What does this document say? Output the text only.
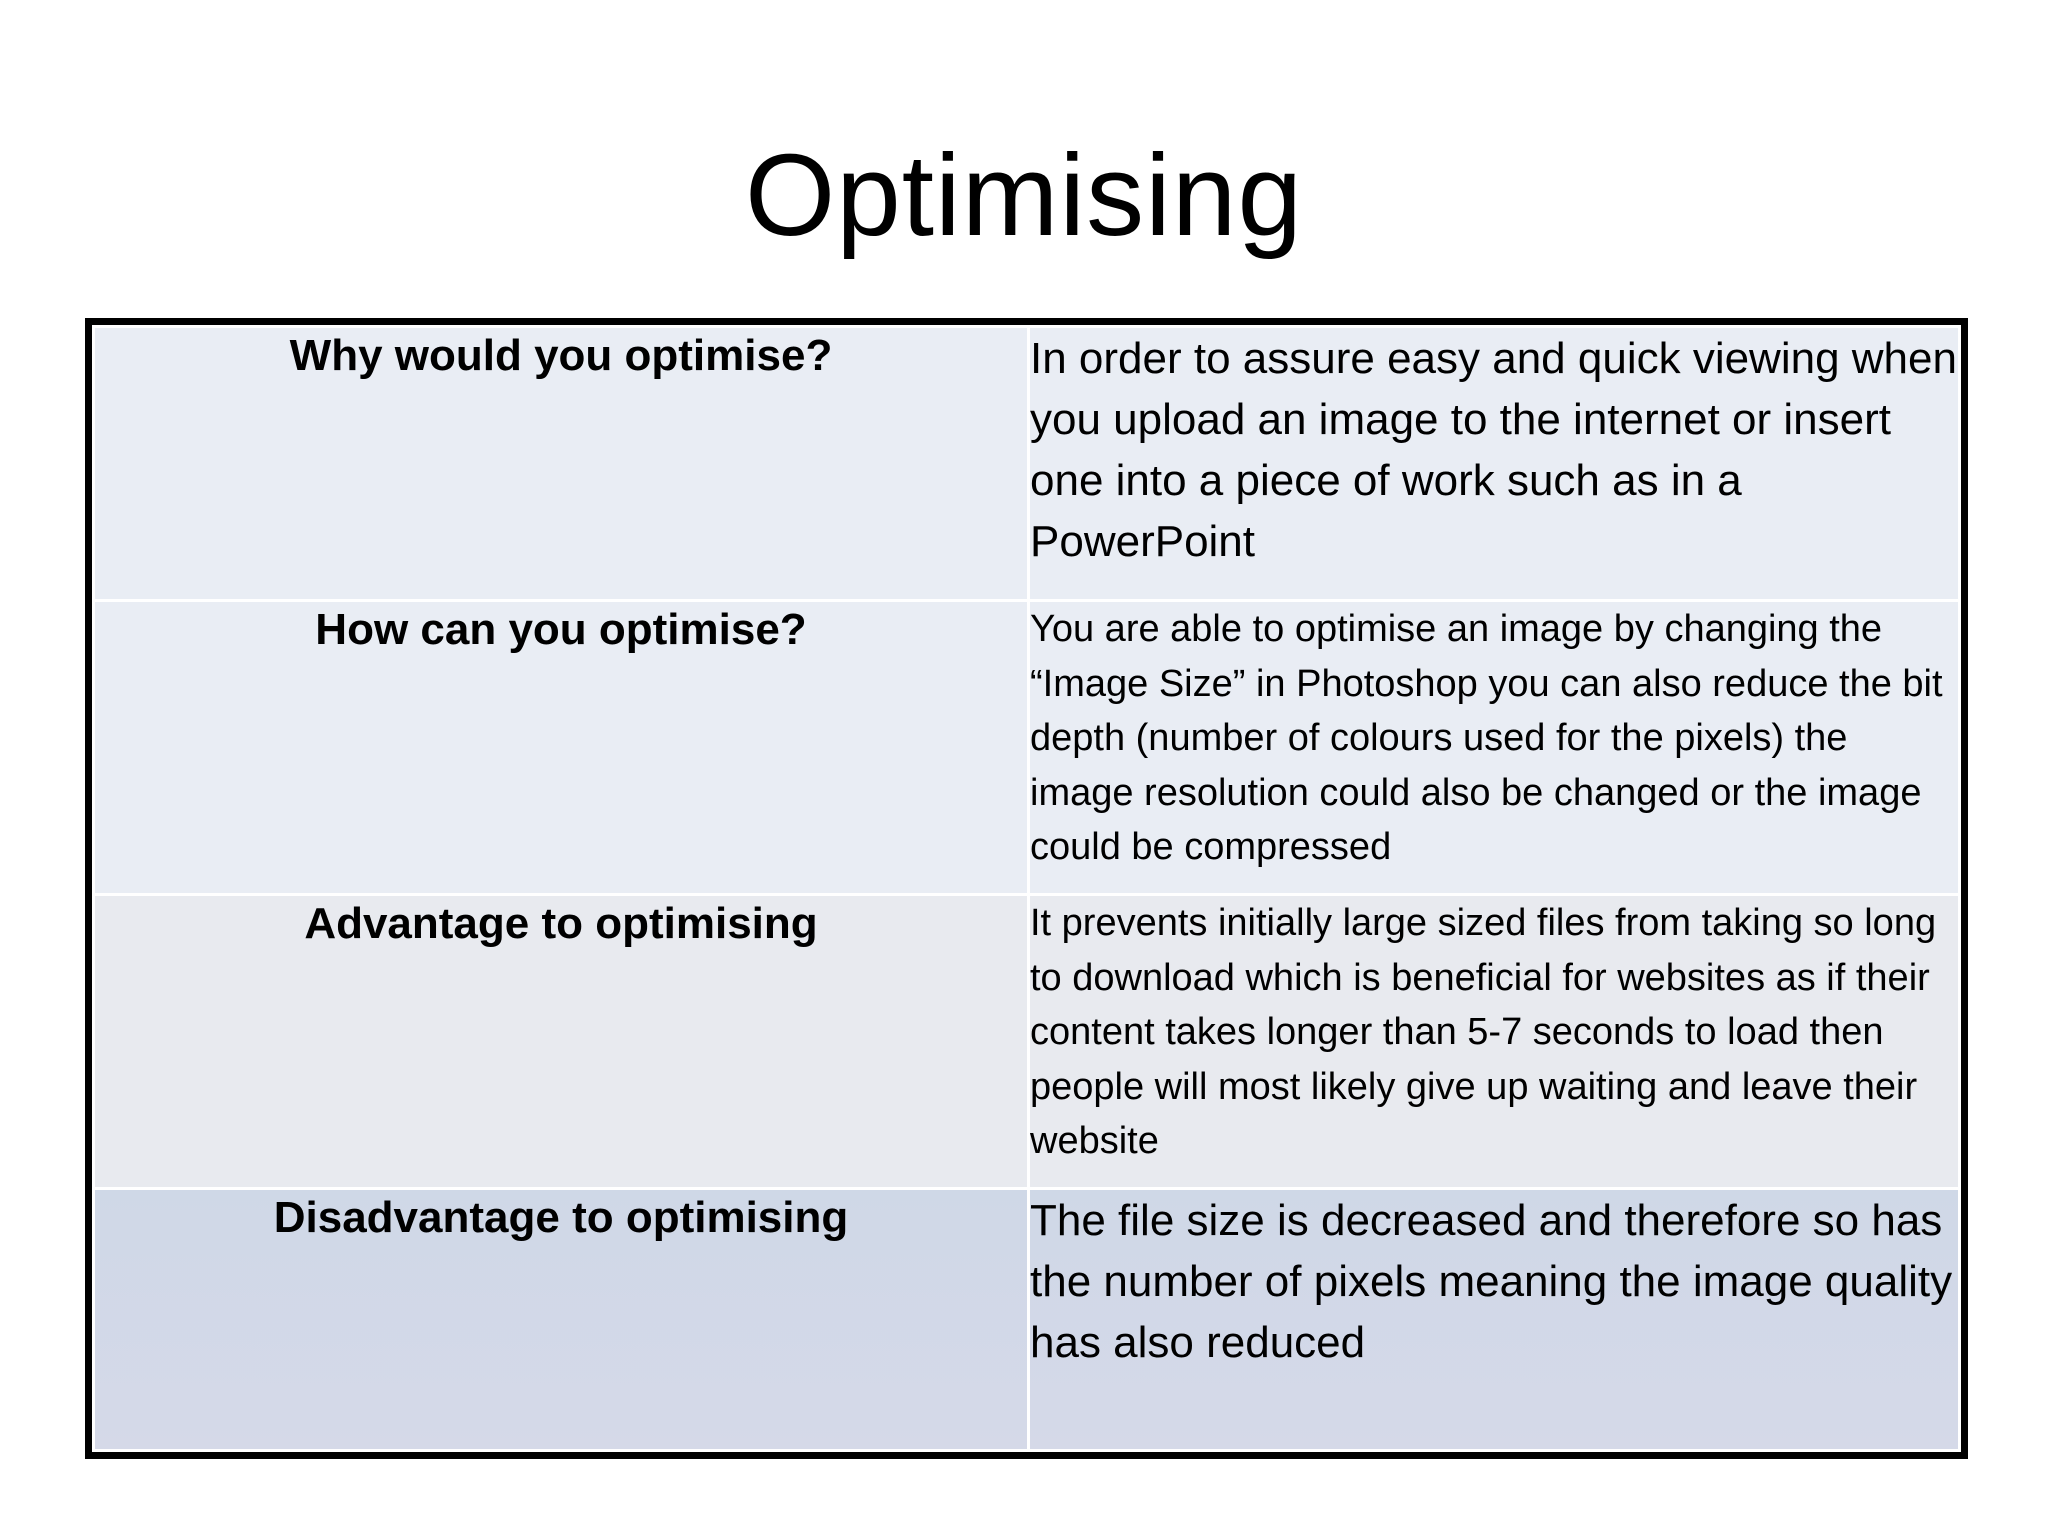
Optimising
Why would you optimise?	In order to assure easy and quick viewing when you upload an image to the internet or insert one into a piece of work such as in a PowerPoint
How can you optimise?	You are able to optimise an image by changing the “Image Size” in Photoshop you can also reduce the bit depth (number of colours used for the pixels) the image resolution could also be changed or the image could be compressed
Advantage to optimising	It prevents initially large sized files from taking so long to download which is beneficial for websites as if their content takes longer than 5-7 seconds to load then people will most likely give up waiting and leave their website
Disadvantage to optimising	The file size is decreased and therefore so has the number of pixels meaning the image quality has also reduced
